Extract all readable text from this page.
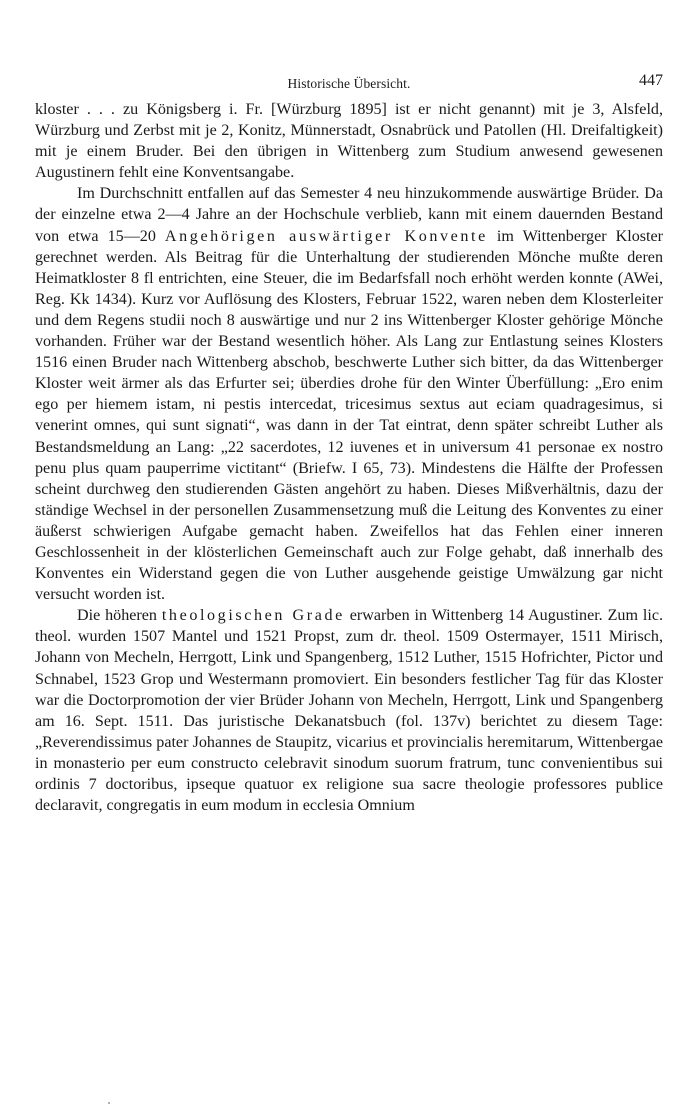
Historische Übersicht.	447

kloster . . . zu Königsberg i. Fr. [Würzburg 1895] ist er nicht genannt) mit je 3, Alsfeld, Würzburg und Zerbst mit je 2, Konitz, Münnerstadt, Osnabrück und Patollen (Hl. Dreifaltigkeit) mit je einem Bruder. Bei den übrigen in Wittenberg zum Studium anwesend gewesenen Augustinern fehlt eine Konventsangabe.

Im Durchschnitt entfallen auf das Semester 4 neu hinzukommende auswärtige Brüder. Da der einzelne etwa 2—4 Jahre an der Hochschule verblieb, kann mit einem dauernden Bestand von etwa 15—20 Angehörigen auswärtiger Konvente im Wittenberger Kloster gerechnet werden. Als Beitrag für die Unterhaltung der studierenden Mönche mußte deren Heimatkloster 8 fl entrichten, eine Steuer, die im Bedarfsfall noch erhöht werden konnte (AWei, Reg. Kk 1434). Kurz vor Auflösung des Klosters, Februar 1522, waren neben dem Klosterleiter und dem Regens studii noch 8 auswärtige und nur 2 ins Wittenberger Kloster gehörige Mönche vorhanden. Früher war der Bestand wesentlich höher. Als Lang zur Entlastung seines Klosters 1516 einen Bruder nach Wittenberg abschob, beschwerte Luther sich bitter, da das Wittenberger Kloster weit ärmer als das Erfurter sei; überdies drohe für den Winter Überfüllung: „Ero enim ego per hiemem istam, ni pestis intercedat, tricesimus sextus aut eciam quadragesimus, si venerint omnes, qui sunt signati“, was dann in der Tat eintrat, denn später schreibt Luther als Bestandsmeldung an Lang: „22 sacerdotes, 12 iuvenes et in universum 41 personae ex nostro penu plus quam pauperrime victitant“ (Briefw. I 65, 73). Mindestens die Hälfte der Professen scheint durchweg den studierenden Gästen angehört zu haben. Dieses Mißverhältnis, dazu der ständige Wechsel in der personellen Zusammensetzung muß die Leitung des Konventes zu einer äußerst schwierigen Aufgabe gemacht haben. Zweifellos hat das Fehlen einer inneren Geschlossenheit in der klösterlichen Gemeinschaft auch zur Folge gehabt, daß innerhalb des Konventes ein Widerstand gegen die von Luther ausgehende geistige Umwälzung gar nicht versucht worden ist.

Die höheren theologischen Grade erwarben in Wittenberg 14 Augustiner. Zum lic. theol. wurden 1507 Mantel und 1521 Propst, zum dr. theol. 1509 Ostermayer, 1511 Mirisch, Johann von Mecheln, Herrgott, Link und Spangenberg, 1512 Luther, 1515 Hofrichter, Pictor und Schnabel, 1523 Grop und Westermann promoviert. Ein besonders festlicher Tag für das Kloster war die Doctorpromotion der vier Brüder Johann von Mecheln, Herrgott, Link und Spangenberg am 16. Sept. 1511. Das juristische Dekanatsbuch (fol. 137v) berichtet zu diesem Tage: „Reverendissimus pater Johannes de Staupitz, vicarius et provincialis heremitarum, Wittenbergae in monasterio per eum constructo celebravit sinodum suorum fratrum, tunc convenientibus sui ordinis 7 doctoribus, ipseque quatuor ex religione sua sacre theologie professores publice declaravit, congregatis in eum modum in ecclesia Omnium
